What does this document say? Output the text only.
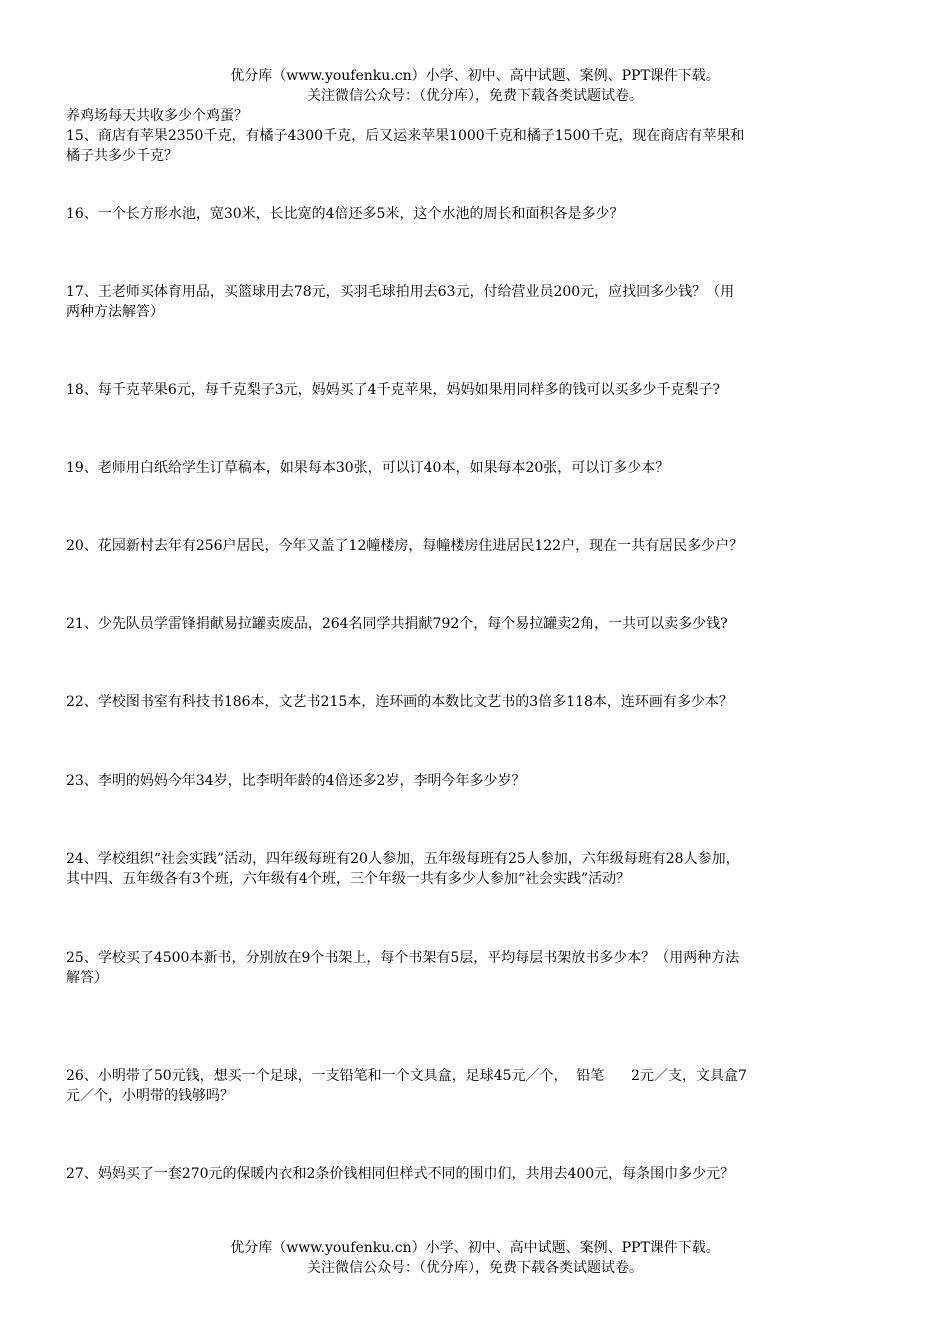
优分库（www.youfenku.cn）小学、初中、高中试题、案例、PPT课件下载。
关注微信公众号：（优分库），免费下载各类试题试卷。

养鸡场每天共收多少个鸡蛋？

15、商店有苹果2350千克，有橘子4300千克，后又运来苹果1000千克和橘子1500千克，现在商店有苹果和
橘子共多少千克？
16、一个长方形水池，宽30米，长比宽的4倍还多5米，这个水池的周长和面积各是多少？
17、王老师买体育用品，买篮球用去78元，买羽毛球拍用去63元，付给营业员200元，应找回多少钱？（用
两种方法解答）
18、每千克苹果6元，每千克梨子3元，妈妈买了4千克苹果，妈妈如果用同样多的钱可以买多少千克梨子?
19、老师用白纸给学生订草稿本，如果每本30张，可以订40本，如果每本20张，可以订多少本？
20、花园新村去年有256户居民，今年又盖了12幢楼房，每幢楼房住进居民122户，现在一共有居民多少户？
21、少先队员学雷锋捐献易拉罐卖废品，264名同学共捐献792个，每个易拉罐卖2角，一共可以卖多少钱?
22、学校图书室有科技书186本，文艺书215本，连环画的本数比文艺书的3倍多118本，连环画有多少本？
23、李明的妈妈今年34岁，比李明年龄的4倍还多2岁，李明今年多少岁？
24、学校组织“社会实践”活动，四年级每班有20人参加，五年级每班有25人参加，六年级每班有28人参加，
其中四、五年级各有3个班，六年级有4个班，三个年级一共有多少人参加“社会实践”活动？
25、学校买了4500本新书，分别放在9个书架上，每个书架有5层，平均每层书架放书多少本？（用两种方法
解答）
26、小明带了50元钱，想买一个足球，一支铅笔和一个文具盒，足球45元／个，  铅笔      2元／支，文具盒7
元／个，小明带的钱够吗？
27、妈妈买了一套270元的保暖内衣和2条价钱相同但样式不同的围巾们，共用去400元，每条围巾多少元？
优分库（www.youfenku.cn）小学、初中、高中试题、案例、PPT课件下载。
关注微信公众号：（优分库），免费下载各类试题试卷。
